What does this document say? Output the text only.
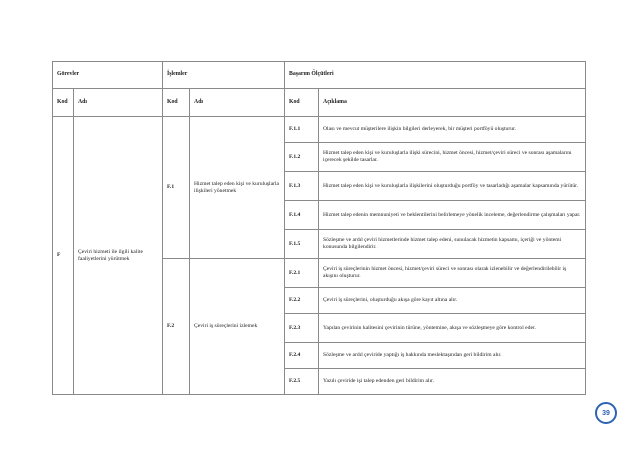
Görevler		İşlemler		Başarım Ölçütleri	
Kod	Adı	Kod	Adı	Kod	Açıklama
F	Çeviri hizmeti ile ilgili kalite faaliyetlerini yürütmek	F.1	Hizmet talep eden kişi ve kuruluşlarla ilişkileri yönetmek	F.1.1	Olası ve mevcut müşterilere ilişkin bilgileri derleyerek, bir müşteri portföyü oluşturur.
				F.1.2	Hizmet talep eden kişi ve kuruluşlarla ilişki sürecini, hizmet öncesi, hizmet/çeviri süreci ve sonrası aşamalarını içerecek şekilde tasarlar.
				F.1.3	Hizmet talep eden kişi ve kuruluşlarla ilişkilerini oluşturduğu portföy ve tasarladığı aşamalar kapsamında yürütür.
				F.1.4	Hizmet talep edenin memnuniyeti ve beklentilerini belirlemeye yönelik inceleme, değerlendirme çalışmaları yapar.
				F.1.5	Sözleşme ve ardıl çeviri hizmetlerinde hizmet talep edeni, sunulacak hizmetin kapsamı, içeriği ve yöntemi konusunda bilgilendirir.
		F.2	Çeviri iş süreçlerini izlemek	F.2.1	Çeviri iş süreçlerinin hizmet öncesi, hizmet/çeviri süreci ve sonrası olarak izlenebilir ve değerlendirilebilir iş akışını oluşturur.
				F.2.2	Çeviri iş süreçlerini, oluşturduğu akışa göre kayıt altına alır.
				F.2.3	Yapılan çevirinin kalitesini çevirinin türüne, yöntemine, akışa ve sözleşmeye göre kontrol eder.
				F.2.4	Sözleşme ve ardıl çeviride yaptığı iş hakkında meslektaşından geri bildirim alır.
				F.2.5	Yazılı çeviride işi talep edenden geri bildirim alır.
39
